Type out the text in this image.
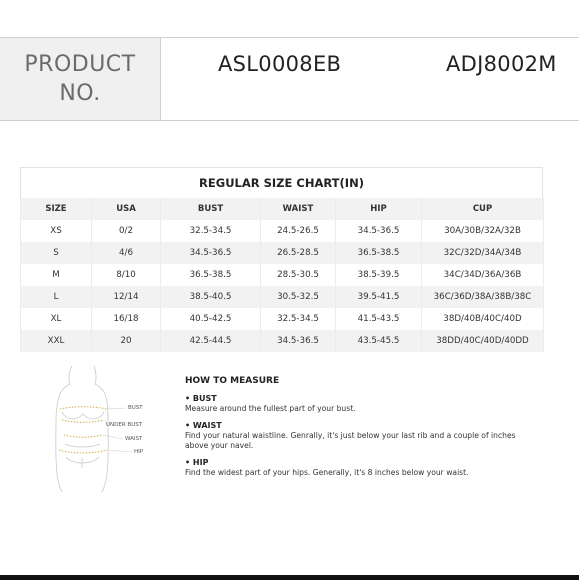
PRODUCT NO.
ASL0008EB	ADJ8002M
REGULAR SIZE CHART(IN)
SIZE	USA	BUST	WAIST	HIP	CUP
XS	0/2	32.5-34.5	24.5-26.5	34.5-36.5	30A/30B/32A/32B
S	4/6	34.5-36.5	26.5-28.5	36.5-38.5	32C/32D/34A/34B
M	8/10	36.5-38.5	28.5-30.5	38.5-39.5	34C/34D/36A/36B
L	12/14	38.5-40.5	30.5-32.5	39.5-41.5	36C/36D/38A/38B/38C
XL	16/18	40.5-42.5	32.5-34.5	41.5-43.5	38D/40B/40C/40D
XXL	20	42.5-44.5	34.5-36.5	43.5-45.5	38DD/40C/40D/40DD
BUST
UNDER BUST
WAIST
HIP
HOW TO MEASURE
• BUST
Measure around the fullest part of your bust.
• WAIST
Find your natural waistline. Genrally, it's just below your last rib and a couple of inches above your navel.
• HIP
Find the widest part of your hips. Generally, it's 8 inches below your waist.
